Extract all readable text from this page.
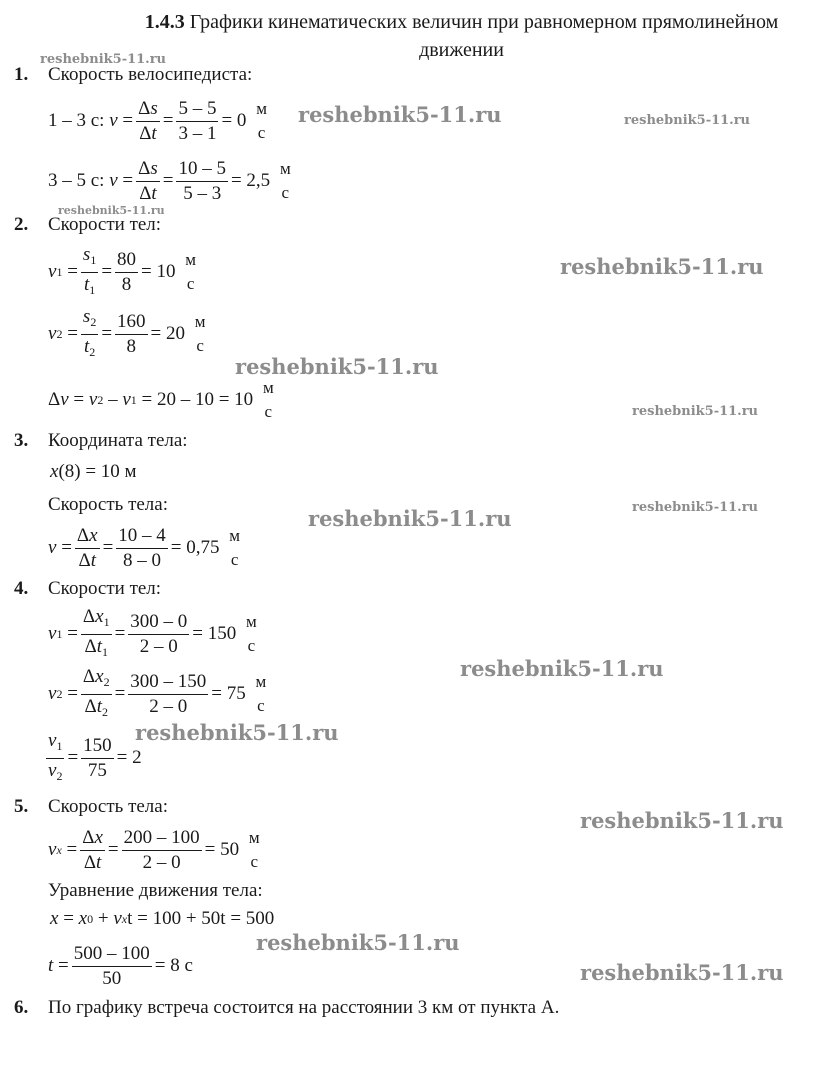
1.4.3 Графики кинематических величин при равномерном прямолинейном движении
reshebnik5-11.ru
reshebnik5-11.ru	reshebnik5-11.ru
reshebnik5-11.ru
reshebnik5-11.ru
reshebnik5-11.ru
reshebnik5-11.ru
reshebnik5-11.ru
reshebnik5-11.ru
reshebnik5-11.ru
reshebnik5-11.ru
reshebnik5-11.ru
reshebnik5-11.ru
reshebnik5-11.ru
1. Скорость велосипедиста:
1 – 3 с:
$v = \frac{\Delta s}{\Delta t} = \frac{5 - 5}{3 - 1} = 0$

м
с
3 – 5 с:
$v = \frac{\Delta s}{\Delta t} = \frac{10 - 5}{5 - 3} = 2,5$

м
с
2. Скорости тел:
v $1 = \frac{s_1}{t_1} = \frac{80}{8} = 10$

м
с
v $2 = \frac{s_2}{t_2} = \frac{160}{8} = 20$

м
с
Δ v = v 2 – v 1
= 20 – 10 = 10

м
с
3. Координата тела:
x (8) = 10 м
Скорость тела:
$v = \frac{\Delta x}{\Delta t} = \frac{10 - 4}{8 - 0} = 0,75$

м
с
4. Скорости тел:
v $1 = \frac{\Delta x_1}{\Delta t_1} = \frac{300 - 0}{2 - 0} = 150$

м
с
v $2 = \frac{\Delta x_2}{\Delta t_2} = \frac{300 - 150}{2 - 0} = 75$

м
с
$\frac{v_1}{v_2} = \frac{150}{75} = 2$
5. Скорость тела:
v $x = \frac{\Delta x}{\Delta t} = \frac{200 - 100}{2 - 0} = 50$

м
с
Уравнение движения тела:
x = x 0 + v x t = 100 + 50t = 500
$t = \frac{500 - 100}{50} = 8$ с
6. По графику встреча состоится на расстоянии 3 км от пункта А.
